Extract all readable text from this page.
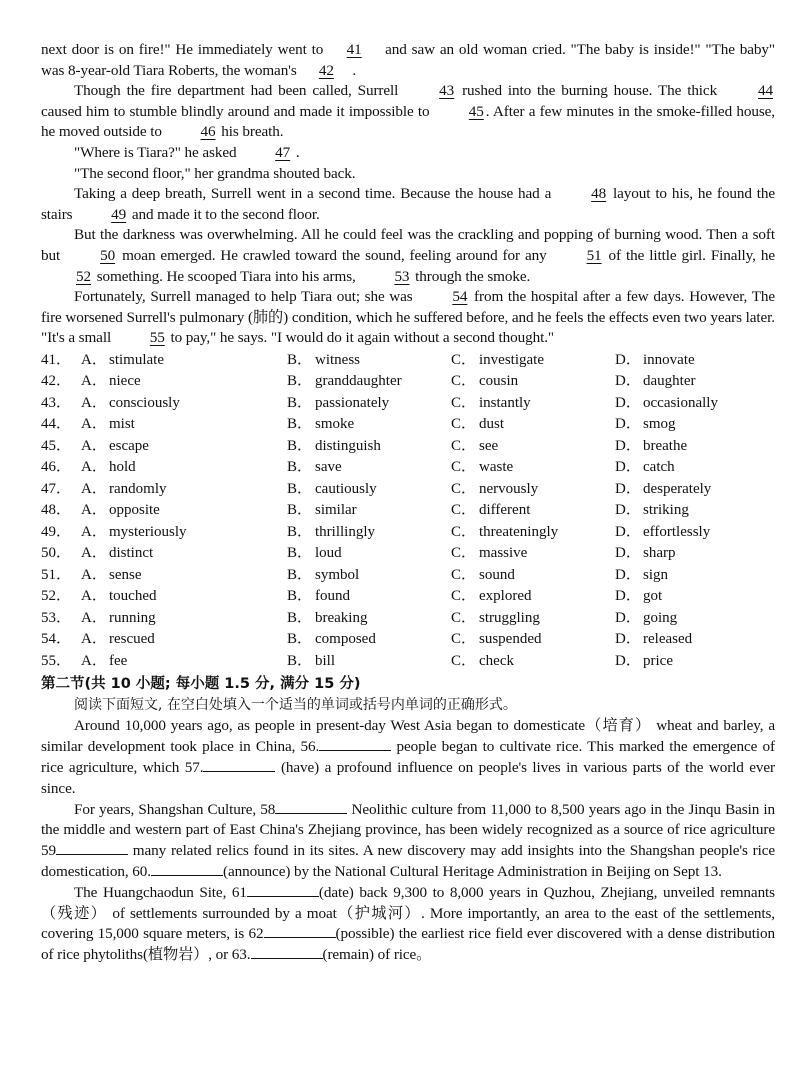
next door is on fire!" He immediately went to 41 and saw an old woman cried. "The baby is inside!" "The baby" was 8-year-old Tiara Roberts, the woman's 42 .

Though the fire department had been called, Surrell 43 rushed into the burning house. The thick 44 caused him to stumble blindly around and made it impossible to 45 . After a few minutes in the smoke-filled house, he moved outside to 46 his breath.

"Where is Tiara?" he asked 47 .

"The second floor," her grandma shouted back.

Taking a deep breath, Surrell went in a second time. Because the house had a 48 layout to his, he found the stairs 49 and made it to the second floor.

But the darkness was overwhelming. All he could feel was the crackling and popping of burning wood. Then a soft but 50 moan emerged. He crawled toward the sound, feeling around for any 51 of the little girl. Finally, he 52 something. He scooped Tiara into his arms, 53 through the smoke.

Fortunately, Surrell managed to help Tiara out; she was 54 from the hospital after a few days. However, The fire worsened Surrell's pulmonary (肺的) condition, which he suffered before, and he feels the effects even two years later. "It's a small 55 to pay," he says. "I would do it again without a second thought."

41． A． stimulate	B． witness	C． investigate	D． innovate
42． A． niece	B． granddaughter	C． cousin	D． daughter
43． A． consciously	B． passionately	C． instantly	D． occasionally
44． A． mist	B． smoke	C． dust	D． smog
45． A． escape	B． distinguish	C． see	D． breathe
46． A． hold	B． save	C． waste	D． catch
47． A． randomly	B． cautiously	C． nervously	D． desperately
48． A． opposite	B． similar	C． different	D． striking
49． A． mysteriously	B． thrillingly	C． threateningly	D． effortlessly
50． A． distinct	B． loud	C． massive	D． sharp
51． A． sense	B． symbol	C． sound	D． sign
52． A． touched	B． found	C． explored	D． got
53． A． running	B． breaking	C． struggling	D． going
54． A． rescued	B． composed	C． suspended	D． released
55． A． fee	B． bill	C． check	D． price
第二节(共 10 小题; 每小题 1.5 分, 满分 15 分)
阅读下面短文, 在空白处填入一个适当的单词或括号内单词的正确形式。

Around 10,000 years ago, as people in present-day West Asia began to domesticate（培育） wheat and barley, a similar development took place in China, 56.	people began to cultivate rice. This marked the emergence of rice agriculture, which 57.	(have) a profound influence on people's lives in various parts of the world ever since.

For years, Shangshan Culture, 58	Neolithic culture from 11,000 to 8,500 years ago in the Jinqu Basin in the middle and western part of East China's Zhejiang province, has been widely recognized as a source of rice agriculture 59	many related relics found in its sites. A new discovery may add insights into the Shangshan people's rice domestication, 60.	(announce) by the National Cultural Heritage Administration in Beijing on Sept 13.

The Huangchaodun Site, 61	(date) back 9,300 to 8,000 years in Quzhou, Zhejiang, unveiled remnants（残迹） of settlements surrounded by a moat（护城河）. More importantly, an area to the east of the settlements, covering 15,000 square meters, is 62	(possible) the earliest rice field ever discovered with a dense distribution of rice phytoliths(植物岩）, or 63.	(remain) of rice。
